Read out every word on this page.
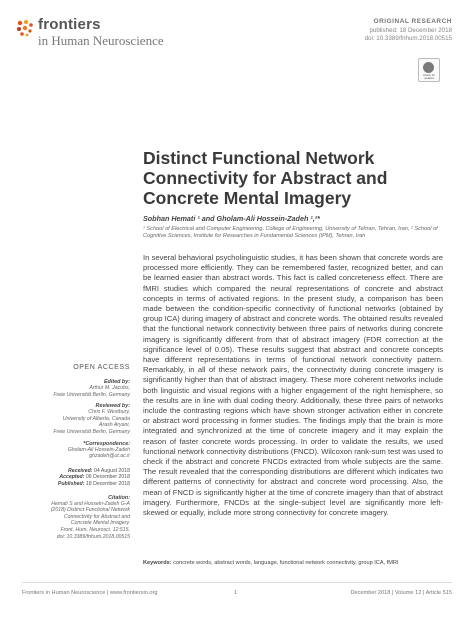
frontiers
in Human Neuroscience
ORIGINAL RESEARCH
published: 18 December 2018
doi: 10.3389/fnhum.2018.00515
Check for updates
Distinct Functional Network
Connectivity for Abstract and
Concrete Mental Imagery
Sobhan Hemati ¹ and Gholam-Ali Hossein-Zadeh ¹,²*
¹ School of Electrical and Computer Engineering, College of Engineering, University of Tehran, Tehran, Iran, ² School of Cognitive Sciences, Institute for Researches in Fundamental Sciences (IPM), Tehran, Iran
In several behavioral psycholinguistic studies, it has been shown that concrete words are processed more efficiently. They can be remembered faster, recognized better, and can be learned easier than abstract words. This fact is called concreteness effect. There are fMRI studies which compared the neural representations of concrete and abstract concepts in terms of activated regions. In the present study, a comparison has been made between the condition-specific connectivity of functional networks (obtained by group ICA) during imagery of abstract and concrete words. The obtained results revealed that the functional network connectivity between three pairs of networks during concrete imagery is significantly different from that of abstract imagery (FDR correction at the significance level of 0.05). These results suggest that abstract and concrete concepts have different representations in terms of functional network connectivity pattern. Remarkably, in all of these network pairs, the connectivity during concrete imagery is significantly higher than that of abstract imagery. These more coherent networks include both linguistic and visual regions with a higher engagement of the right hemisphere, so the results are in line with dual coding theory. Additionally, these three pairs of networks include the contrasting regions which have shown stronger activation either in concrete or abstract word processing in former studies. The findings imply that the brain is more integrated and synchronized at the time of concrete imagery and it may explain the reason of faster concrete words processing. In order to validate the results, we used functional network connectivity distributions (FNCD). Wilcoxon rank-sum test was used to check if the abstract and concrete FNCDs extracted from whole subjects are the same. The result revealed that the corresponding distributions are different which indicates two different patterns of connectivity for abstract and concrete word processing. Also, the mean of FNCD is significantly higher at the time of concrete imagery than that of abstract imagery. Furthermore, FNCDs at the single-subject level are significantly more left-skewed or equally, include more strong connectivity for concrete imagery.
Keywords: concrete words, abstract words, language, functional network connectivity, group ICA, fMRI
OPEN ACCESS
Edited by:
Arthur M. Jacobs,
Freie Universität Berlin, Germany
Reviewed by:
Chris F. Westbury,
University of Alberta, Canada
Arash Aryani,
Freie Universität Berlin, Germany
*Correspondence:
Gholam-Ali Hossein-Zadeh
ghzadeh@ut.ac.ir
Received: 04 August 2018
Accepted: 06 December 2018
Published: 18 December 2018
Citation:
Hemati S and Hossein-Zadeh G-A
(2018) Distinct Functional Network
Connectivity for Abstract and
Concrete Mental Imagery.
Front. Hum. Neurosci. 12:515.
doi: 10.3389/fnhum.2018.00515
Frontiers in Human Neuroscience | www.frontiersin.org	1	December 2018 | Volume 12 | Article 515
